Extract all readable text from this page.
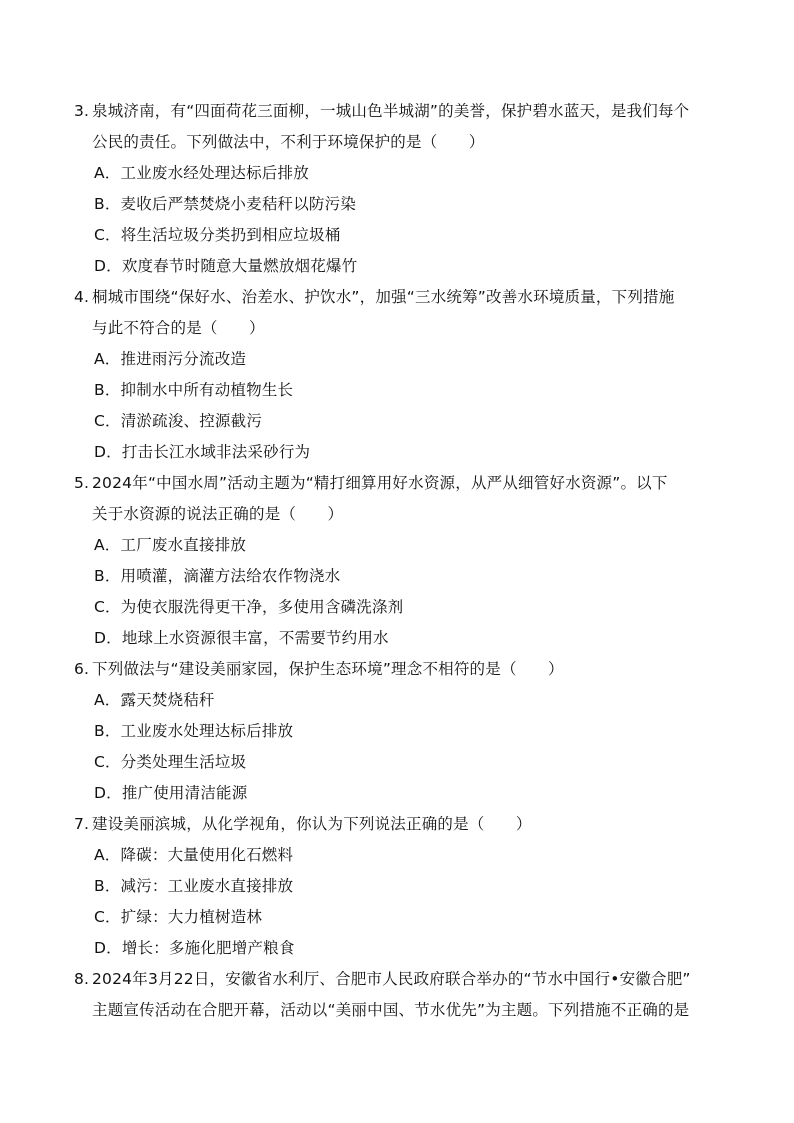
3. 泉城济南，有“四面荷花三面柳，一城山色半城湖”的美誉，保护碧水蓝天，是我们每个
公民的责任。下列做法中，不利于环境保护的是（　　）
A．工业废水经处理达标后排放
B．麦收后严禁焚烧小麦秸秆以防污染
C．将生活垃圾分类扔到相应垃圾桶
D．欢度春节时随意大量燃放烟花爆竹
4. 桐城市围绕“保好水、治差水、护饮水”，加强“三水统筹”改善水环境质量，下列措施
与此不符合的是（　　）
A．推进雨污分流改造
B．抑制水中所有动植物生长
C．清淤疏浚、控源截污
D．打击长江水域非法采砂行为
5. 2024年“中国水周”活动主题为“精打细算用好水资源，从严从细管好水资源”。以下
关于水资源的说法正确的是（　　）
A．工厂废水直接排放
B．用喷灌，滴灌方法给农作物浇水
C．为使衣服洗得更干净，多使用含磷洗涤剂
D．地球上水资源很丰富，不需要节约用水
6. 下列做法与“建设美丽家园，保护生态环境”理念不相符的是（　　）
A．露天焚烧秸秆
B．工业废水处理达标后排放
C．分类处理生活垃圾
D．推广使用清洁能源
7. 建设美丽滨城，从化学视角，你认为下列说法正确的是（　　）
A．降碳：大量使用化石燃料
B．减污：工业废水直接排放
C．扩绿：大力植树造林
D．增长：多施化肥增产粮食
8. 2024年3月22日，安徽省水利厅、合肥市人民政府联合举办的“节水中国行•安徽合肥”
主题宣传活动在合肥开幕，活动以“美丽中国、节水优先”为主题。下列措施不正确的是
